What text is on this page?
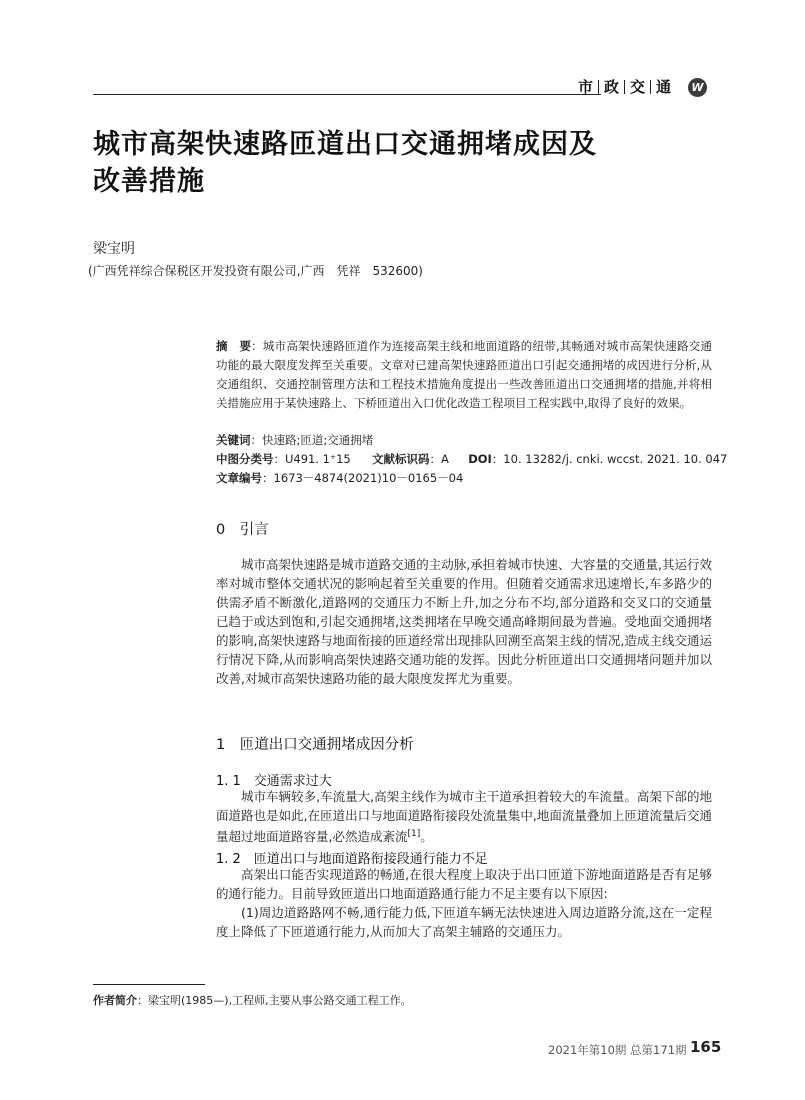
市 政 交 通	W
城市高架快速路匝道出口交通拥堵成因及
改善措施
梁宝明
(广西凭祥综合保税区开发投资有限公司,广西　凭祥　532600)
摘　要：城市高架快速路匝道作为连接高架主线和地面道路的纽带,其畅通对城市高架快速路交通功能的最大限度发挥至关重要。文章对已建高架快速路匝道出口引起交通拥堵的成因进行分析,从交通组织、交通控制管理方法和工程技术措施角度提出一些改善匝道出口交通拥堵的措施,并将相关措施应用于某快速路上、下桥匝道出入口优化改造工程项目工程实践中,取得了良好的效果。
关键词：快速路;匝道;交通拥堵
中图分类号：U491. 1⁺15 文献标识码：A DOI：10. 13282/j. cnki. wccst. 2021. 10. 047
文章编号：1673－4874(2021)10－0165－04
0　引言

城市高架快速路是城市道路交通的主动脉,承担着城市快速、大容量的交通量,其运行效率对城市整体交通状况的影响起着至关重要的作用。但随着交通需求迅速增长,车多路少的供需矛盾不断激化,道路网的交通压力不断上升,加之分布不均,部分道路和交叉口的交通量已趋于或达到饱和,引起交通拥堵,这类拥堵在早晚交通高峰期间最为普遍。受地面交通拥堵的影响,高架快速路与地面衔接的匝道经常出现排队回溯至高架主线的情况,造成主线交通运行情况下降,从而影响高架快速路交通功能的发挥。因此分析匝道出口交通拥堵问题并加以改善,对城市高架快速路功能的最大限度发挥尤为重要。

1　匝道出口交通拥堵成因分析
1. 1　交通需求过大

城市车辆较多,车流量大,高架主线作为城市主干道承担着较大的车流量。高架下部的地面道路也是如此,在匝道出口与地面道路衔接段处流量集中,地面流量叠加上匝道流量后交通量超过地面道路容量,必然造成紊流[1]。

1. 2　匝道出口与地面道路衔接段通行能力不足

高架出口能否实现道路的畅通,在很大程度上取决于出口匝道下游地面道路是否有足够的通行能力。目前导致匝道出口地面道路通行能力不足主要有以下原因:

(1)周边道路路网不畅,通行能力低,下匝道车辆无法快速进入周边道路分流,这在一定程度上降低了下匝道通行能力,从而加大了高架主辅路的交通压力。

作者简介：梁宝明(1985—),工程师,主要从事公路交通工程工作。
2021年第10期 总第171期 165
